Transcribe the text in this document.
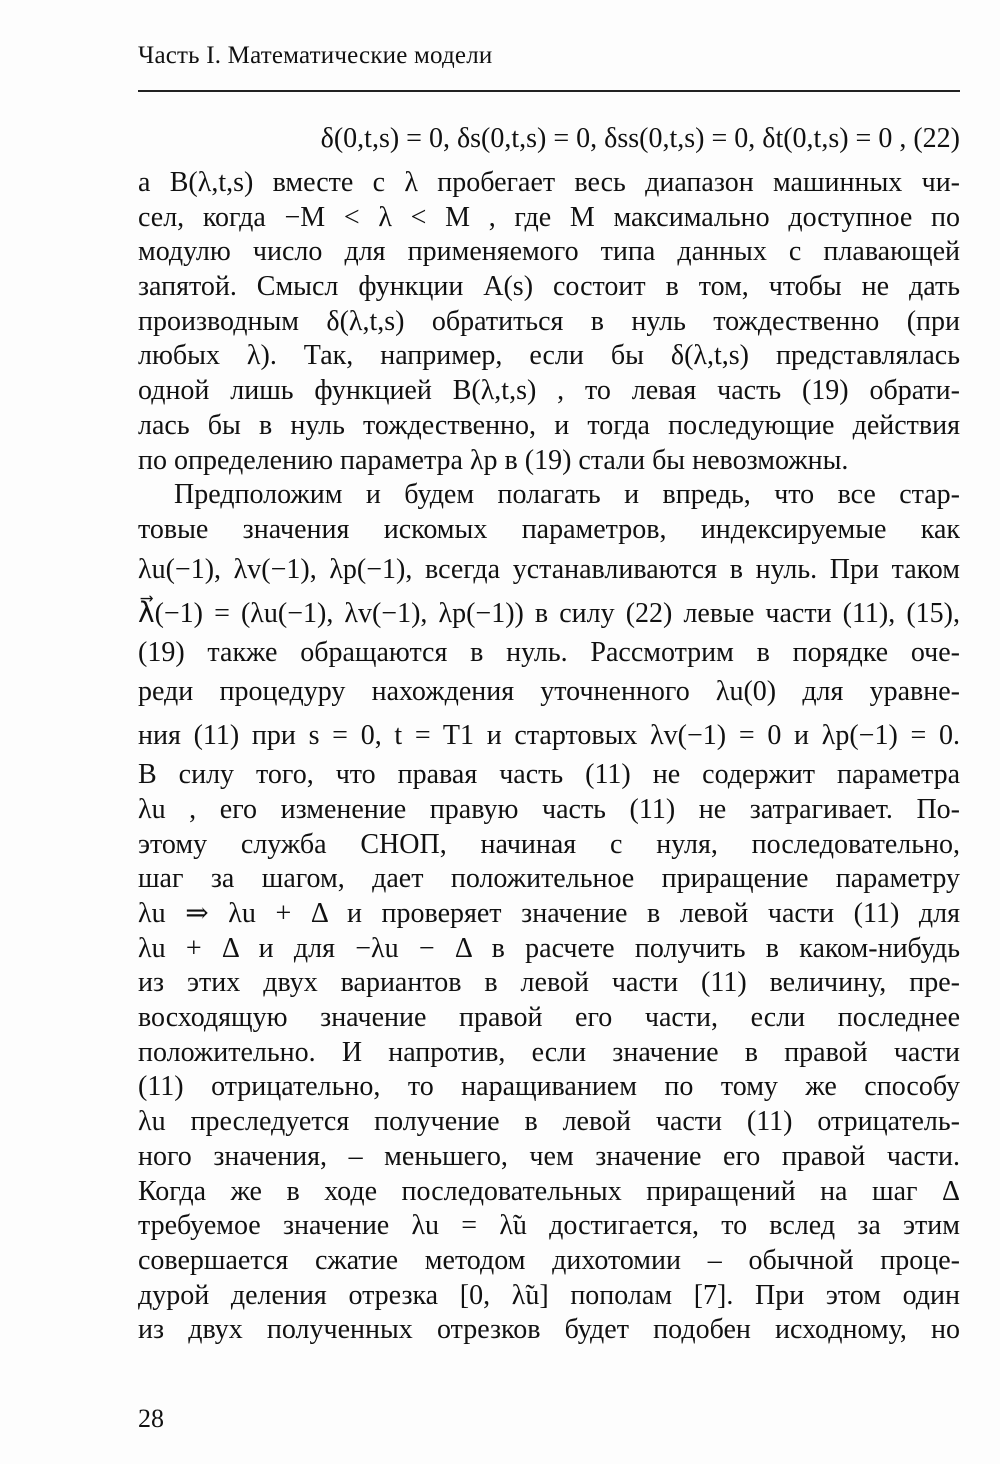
Часть I. Математические модели
δ(0,t,s) = 0, δs(0,t,s) = 0, δss(0,t,s) = 0, δt(0,t,s) = 0 , (22)
а B(λ,t,s) вместе с λ пробегает весь диапазон машинных чи-
сел, когда −M < λ < M , где M максимально доступное по
модулю число для применяемого типа данных с плавающей
запятой. Смысл функции A(s) состоит в том, чтобы не дать
производным δ(λ,t,s) обратиться в нуль тождественно (при
любых λ). Так, например, если бы δ(λ,t,s) представлялась
одной лишь функцией B(λ,t,s) , то левая часть (19) обрати-
лась бы в нуль тождественно, и тогда последующие действия
по определению параметра λp в (19) стали бы невозможны.
Предположим и будем полагать и впредь, что все стар-
товые значения искомых параметров, индексируемые как
λu(−1), λv(−1), λp(−1), всегда устанавливаются в нуль. При таком
λ⃗(−1) = (λu(−1), λv(−1), λp(−1)) в силу (22) левые части (11), (15),
(19) также обращаются в нуль. Рассмотрим в порядке оче-
реди процедуру нахождения уточненного λu(0) для уравне-
ния (11) при s = 0, t = T1 и стартовых λv(−1) = 0 и λp(−1) = 0.
В силу того, что правая часть (11) не содержит параметра
λu , его изменение правую часть (11) не затрагивает. По-
этому служба СНОП, начиная с нуля, последовательно,
шаг за шагом, дает положительное приращение параметру
λu ⇒ λu + Δ и проверяет значение в левой части (11) для
λu + Δ и для −λu − Δ в расчете получить в каком-нибудь
из этих двух вариантов в левой части (11) величину, пре-
восходящую значение правой его части, если последнее
положительно. И напротив, если значение в правой части
(11) отрицательно, то наращиванием по тому же способу
λu преследуется получение в левой части (11) отрицатель-
ного значения, – меньшего, чем значение его правой части.
Когда же в ходе последовательных приращений на шаг Δ
требуемое значение λu = λ̃u достигается, то вслед за этим
совершается сжатие методом дихотомии – обычной проце-
дурой деления отрезка [0, λ̃u] пополам [7]. При этом один
из двух полученных отрезков будет подобен исходному, но
28
